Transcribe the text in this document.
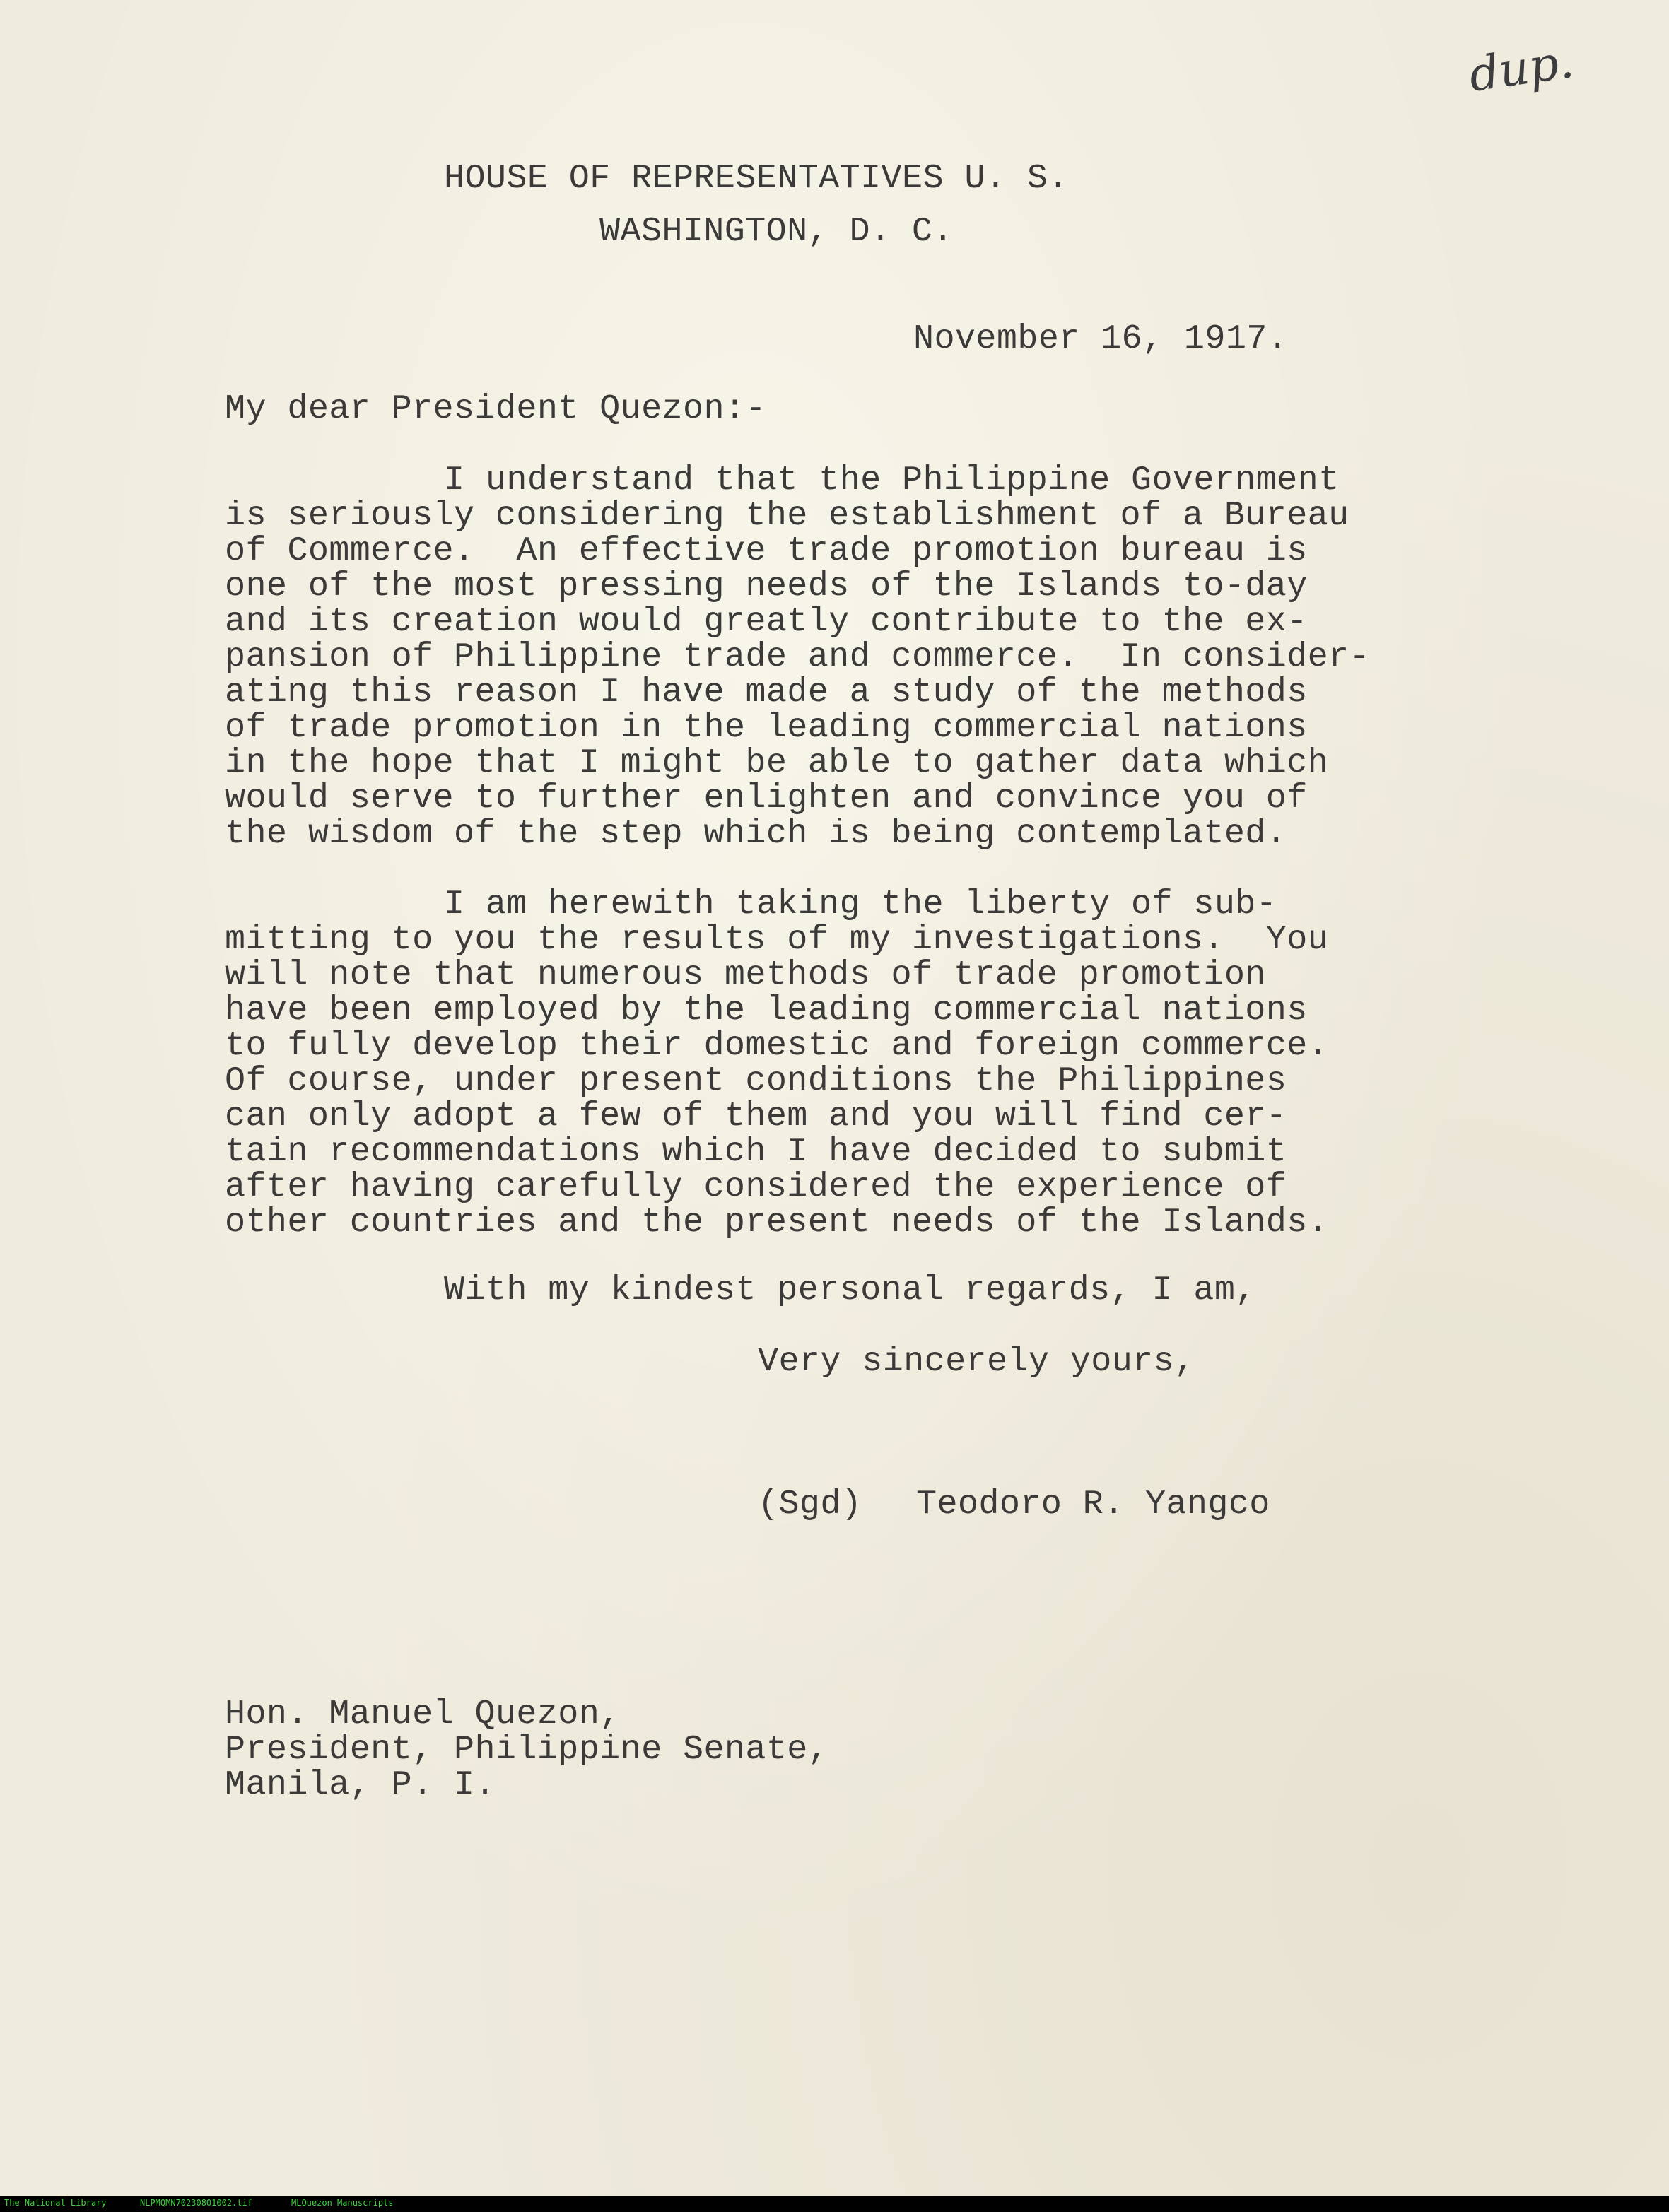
dup.
HOUSE OF REPRESENTATIVES U. S.
WASHINGTON, D. C.
November 16, 1917.
My dear President Quezon:-
I understand that the Philippine Government
is seriously considering the establishment of a Bureau
of Commerce.  An effective trade promotion bureau is
one of the most pressing needs of the Islands to-day
and its creation would greatly contribute to the ex-
pansion of Philippine trade and commerce.  In consider-
ating this reason I have made a study of the methods
of trade promotion in the leading commercial nations
in the hope that I might be able to gather data which
would serve to further enlighten and convince you of
the wisdom of the step which is being contemplated.
I am herewith taking the liberty of sub-
mitting to you the results of my investigations.  You
will note that numerous methods of trade promotion
have been employed by the leading commercial nations
to fully develop their domestic and foreign commerce.
Of course, under present conditions the Philippines
can only adopt a few of them and you will find cer-
tain recommendations which I have decided to submit
after having carefully considered the experience of
other countries and the present needs of the Islands.
With my kindest personal regards, I am,
Very sincerely yours,
(Sgd) Teodoro R. Yangco
Hon. Manuel Quezon,
President, Philippine Senate,
Manila, P. I.
The National Library	NLPMQMN70230801002.tif	MLQuezon Manuscripts
